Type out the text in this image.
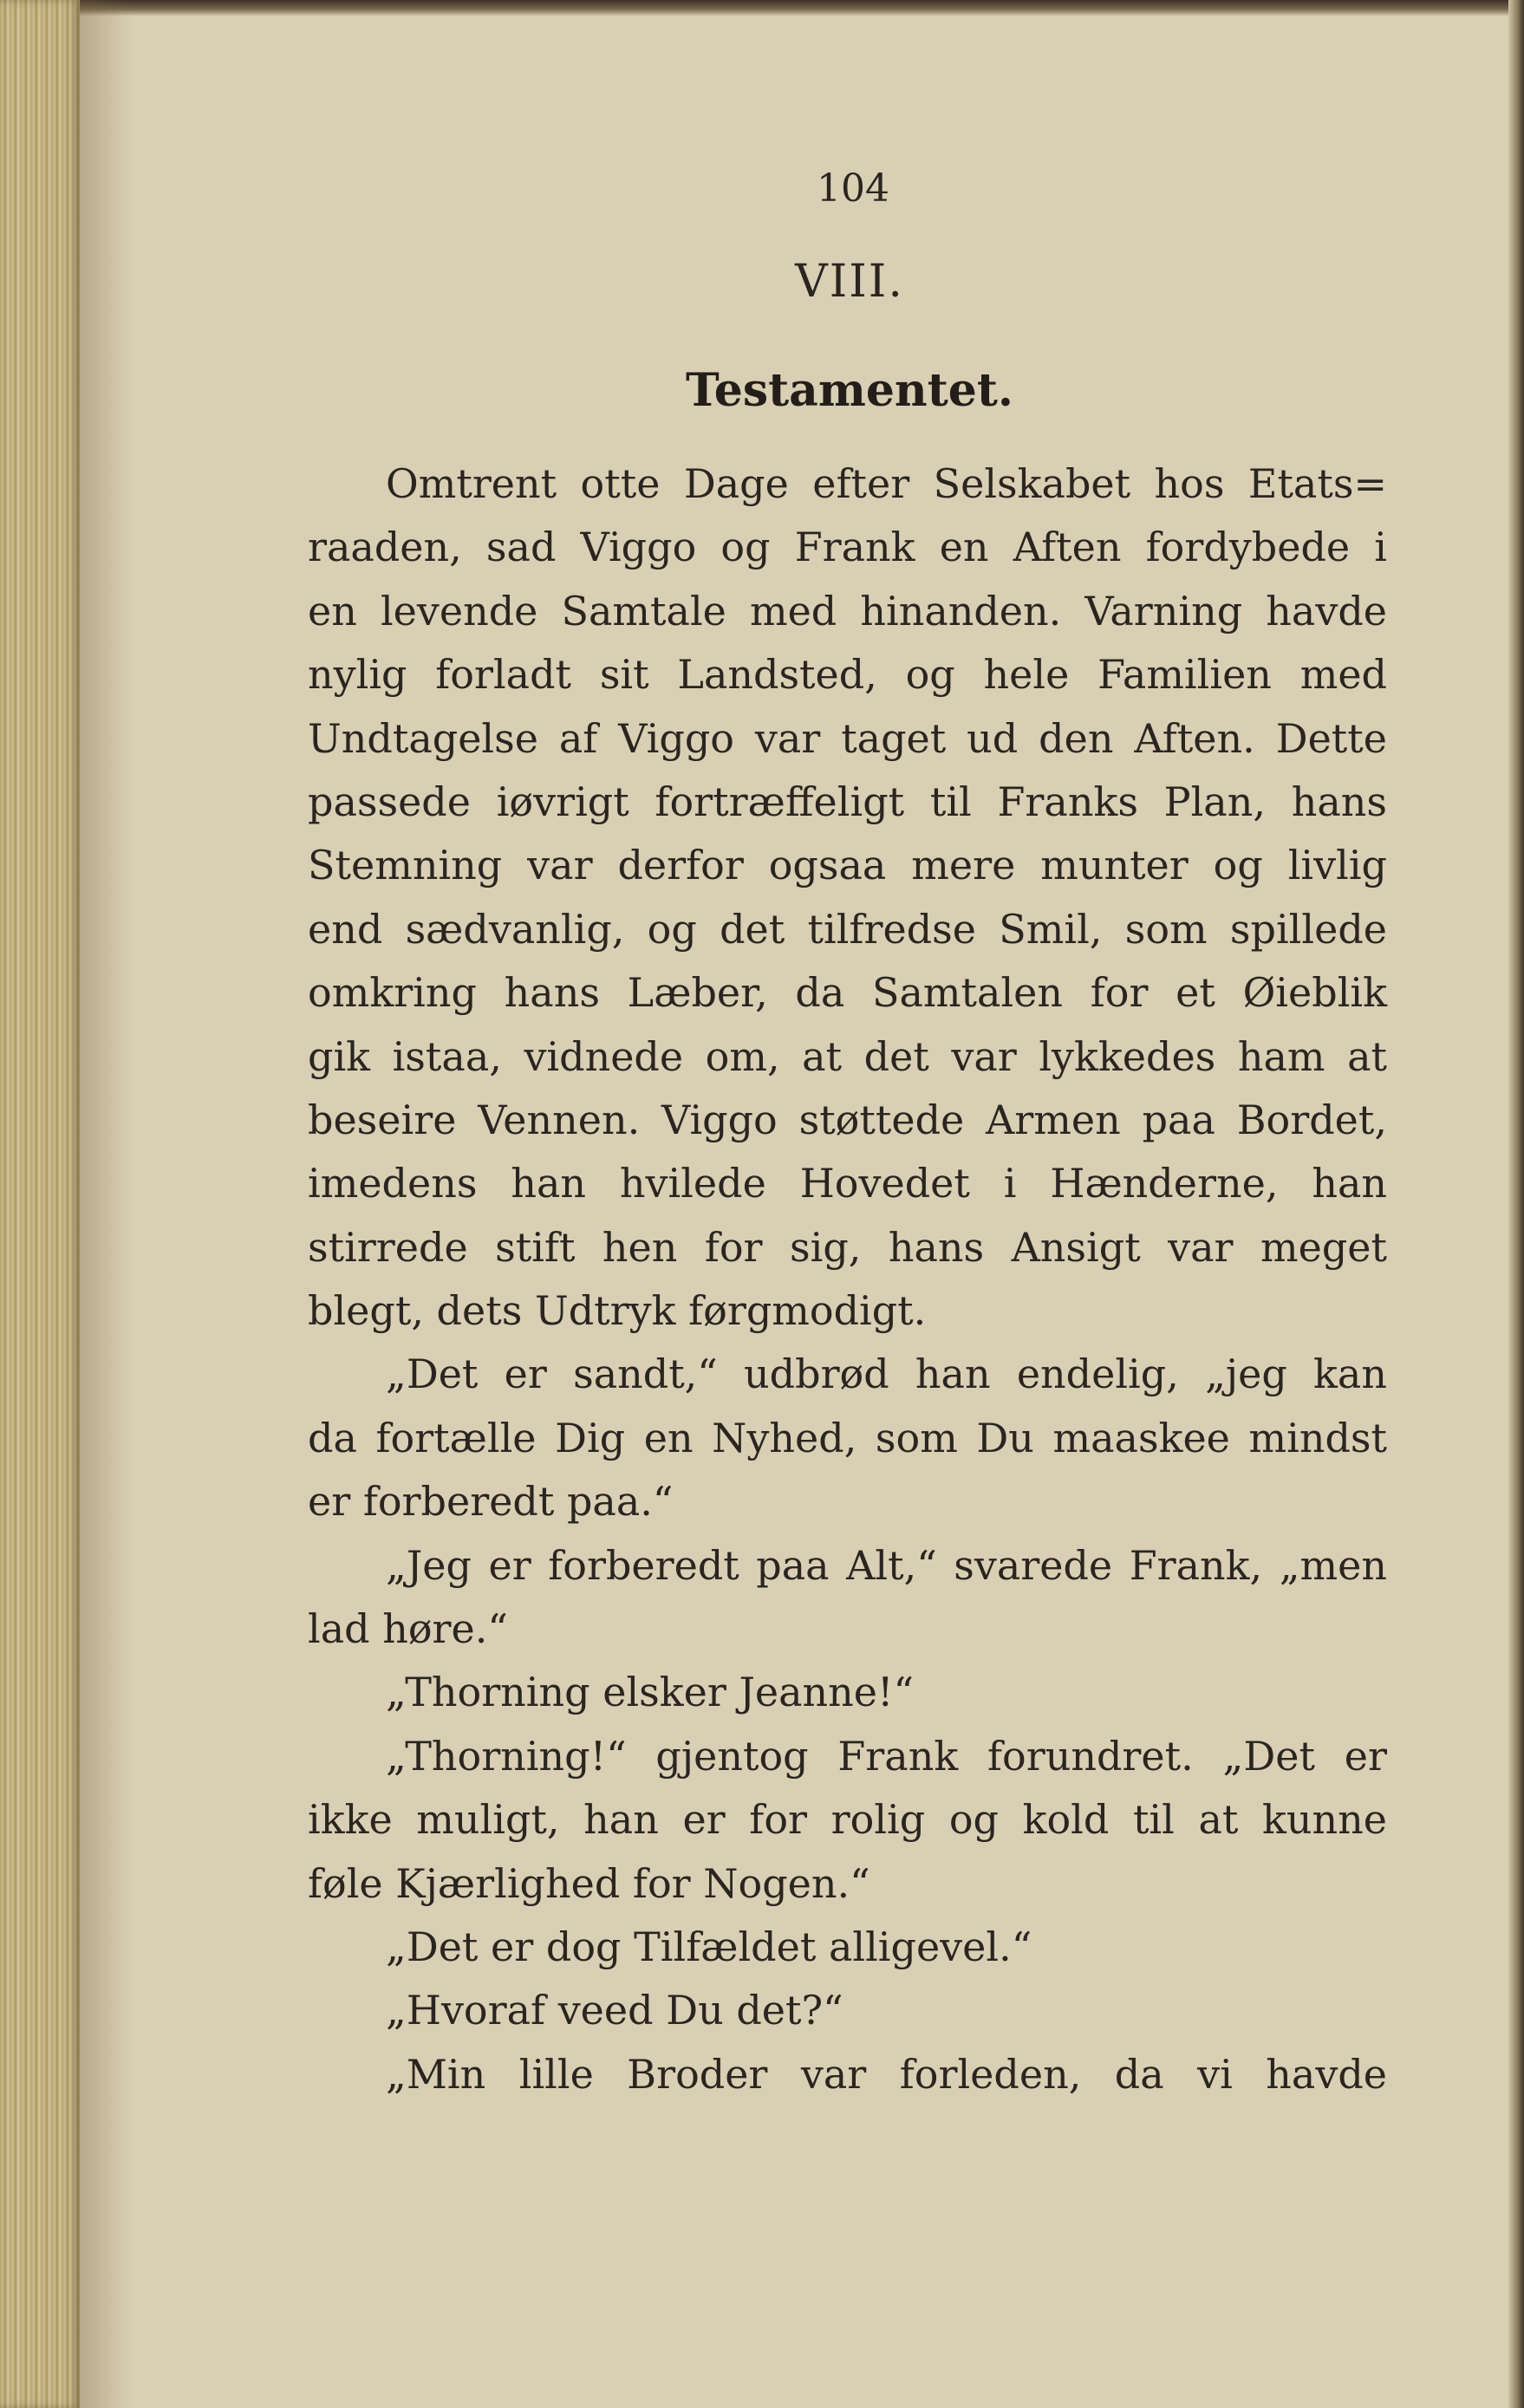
104
VIII.
Testamentet.
Omtrent otte Dage efter Selskabet hos Etats=
raaden, sad Viggo og Frank en Aften fordybede i
en levende Samtale med hinanden. Varning havde
nylig forladt sit Landsted, og hele Familien med
Undtagelse af Viggo var taget ud den Aften. Dette
passede iøvrigt fortræffeligt til Franks Plan, hans
Stemning var derfor ogsaa mere munter og livlig
end sædvanlig, og det tilfredse Smil, som spillede
omkring hans Læber, da Samtalen for et Øieblik
gik istaa, vidnede om, at det var lykkedes ham at
beseire Vennen. Viggo støttede Armen paa Bordet,
imedens han hvilede Hovedet i Hænderne, han
stirrede stift hen for sig, hans Ansigt var meget
blegt, dets Udtryk førgmodigt.
„Det er sandt,“ udbrød han endelig, „jeg kan
da fortælle Dig en Nyhed, som Du maaskee mindst
er forberedt paa.“
„Jeg er forberedt paa Alt,“ svarede Frank, „men
lad høre.“
„Thorning elsker Jeanne!“
„Thorning!“ gjentog Frank forundret. „Det er
ikke muligt, han er for rolig og kold til at kunne
føle Kjærlighed for Nogen.“
„Det er dog Tilfældet alligevel.“
„Hvoraf veed Du det?“
„Min lille Broder var forleden, da vi havde
